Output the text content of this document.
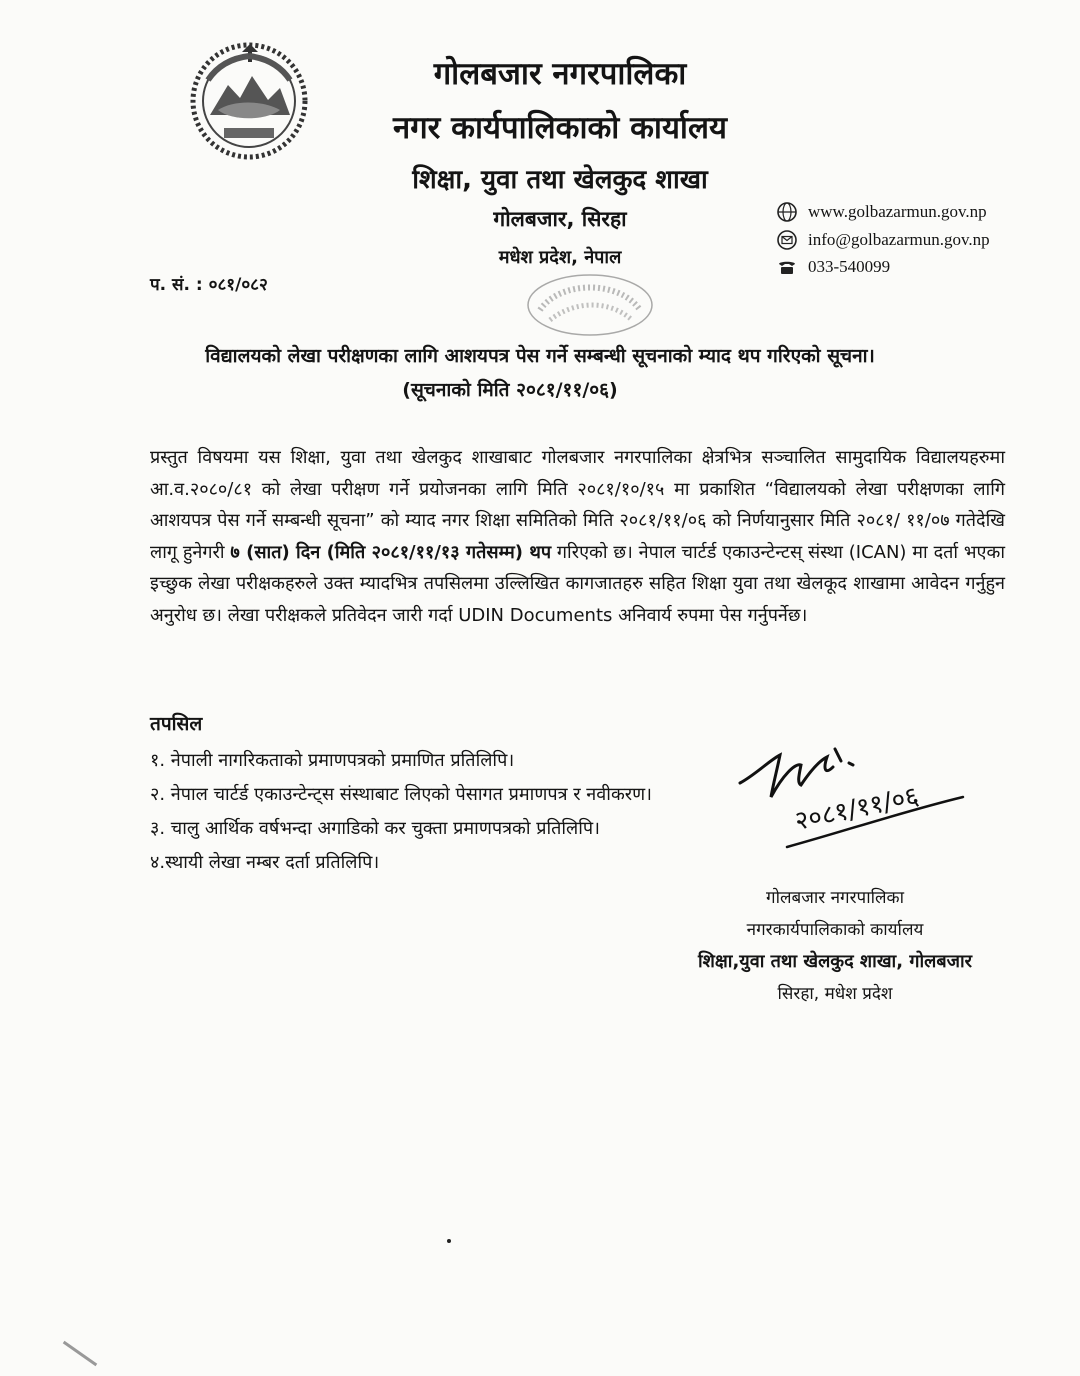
गोलबजार नगरपालिका
नगर कार्यपालिकाको कार्यालय
शिक्षा, युवा तथा खेलकुद शाखा
गोलबजार, सिरहा
मधेश प्रदेश, नेपाल
www.golbazarmun.gov.np
info@golbazarmun.gov.np
033-540099
प. सं. : ०८१/०८२
विद्यालयको लेखा परीक्षणका लागि आशयपत्र पेस गर्ने सम्बन्धी सूचनाको म्याद थप गरिएको सूचना।
(सूचनाको मिति २०८१/११/०६)

प्रस्तुत विषयमा यस शिक्षा, युवा तथा खेलकुद शाखाबाट गोलबजार नगरपालिका क्षेत्रभित्र सञ्चालित सामुदायिक विद्यालयहरुमा आ.व.२०८०/८१ को लेखा परीक्षण गर्ने प्रयोजनका लागि मिति २०८१/१०/१५ मा प्रकाशित “विद्यालयको लेखा परीक्षणका लागि आशयपत्र पेस गर्ने सम्बन्धी सूचना” को म्याद नगर शिक्षा समितिको मिति २०८१/११/०६ को निर्णयानुसार मिति २०८१/ ११/०७ गतेदेखि लागू हुनेगरी ७ (सात) दिन (मिति २०८१/११/१३ गतेसम्म) थप गरिएको छ। नेपाल चार्टर्ड एकाउन्टेन्टस् संस्था (ICAN) मा दर्ता भएका इच्छुक लेखा परीक्षकहरुले उक्त म्यादभित्र तपसिलमा उल्लिखित कागजातहरु सहित शिक्षा युवा तथा खेलकूद शाखामा आवेदन गर्नुहुन अनुरोध छ। लेखा परीक्षकले प्रतिवेदन जारी गर्दा UDIN Documents अनिवार्य रुपमा पेस गर्नुपर्नेछ।

तपसिल
१. नेपाली नागरिकताको प्रमाणपत्रको प्रमाणित प्रतिलिपि।
२. नेपाल चार्टर्ड एकाउन्टेन्ट्स संस्थाबाट लिएको पेसागत प्रमाणपत्र र नवीकरण।
३. चालु आर्थिक वर्षभन्दा अगाडिको कर चुक्ता प्रमाणपत्रको प्रतिलिपि।
४.स्थायी लेखा नम्बर दर्ता प्रतिलिपि।
२०८१/११/०६
गोलबजार नगरपालिका
नगरकार्यपालिकाको कार्यालय
शिक्षा,युवा तथा खेलकुद शाखा, गोलबजार
सिरहा, मधेश प्रदेश
